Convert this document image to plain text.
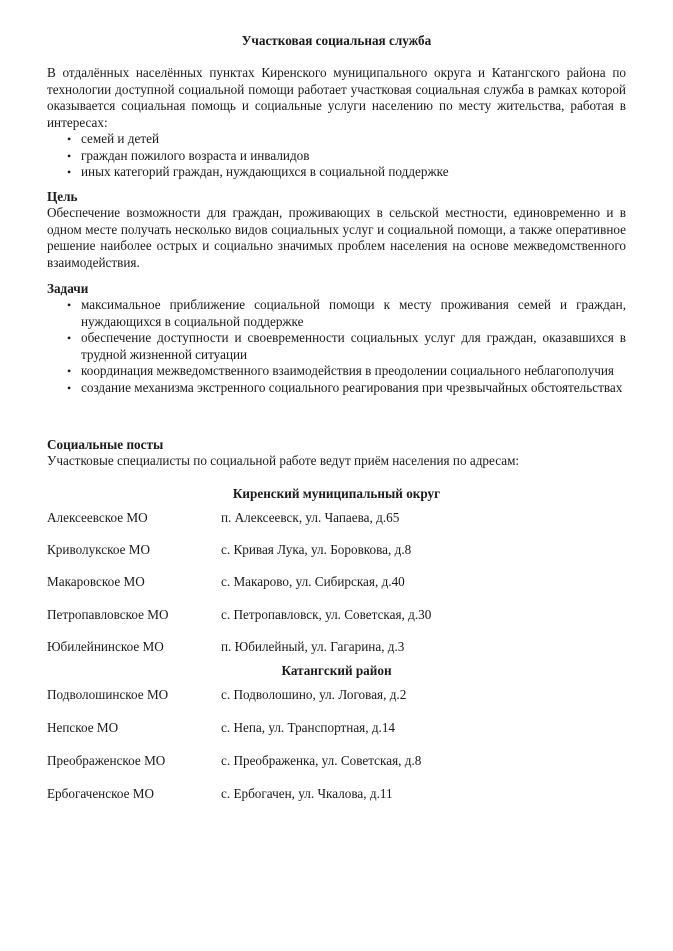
Участковая социальная служба
В отдалённых населённых пунктах Киренского муниципального округа и Катангского района по технологии доступной социальной помощи работает участковая социальная служба в рамках которой оказывается социальная помощь и социальные услуги населению по месту жительства, работая в интересах:
• семей и детей
• граждан пожилого возраста и инвалидов
• иных категорий граждан, нуждающихся в социальной поддержке
Цель
Обеспечение возможности для граждан, проживающих в сельской местности, единовременно и в одном месте получать несколько видов социальных услуг и социальной помощи, а также оперативное решение наиболее острых и социально значимых проблем населения на основе межведомственного взаимодействия.
Задачи
• максимальное приближение социальной помощи к месту проживания семей и граждан, нуждающихся в социальной поддержке
• обеспечение доступности и своевременности социальных услуг для граждан, оказавшихся в трудной жизненной ситуации
• координация межведомственного взаимодействия в преодолении социального неблагополучия
• создание механизма экстренного социального реагирования при чрезвычайных обстоятельствах
Социальные посты
Участковые специалисты по социальной работе ведут приём населения по адресам:
Киренский муниципальный округ
Алексеевское МО	п. Алексеевск, ул. Чапаева, д.65
Криволукское МО	с. Кривая Лука, ул. Боровкова, д.8
Макаровское МО	с. Макарово, ул. Сибирская, д.40
Петропавловское МО	с. Петропавловск, ул. Советская, д.30
Юбилейнинское МО	п. Юбилейный, ул. Гагарина, д.3
Катангский район
Подволошинское МО	с. Подволошино, ул. Логовая, д.2
Непское МО	с. Непа, ул. Транспортная, д.14
Преображенское МО	с. Преображенка, ул. Советская, д.8
Ербогаченское МО	с. Ербогачен, ул. Чкалова, д.11
